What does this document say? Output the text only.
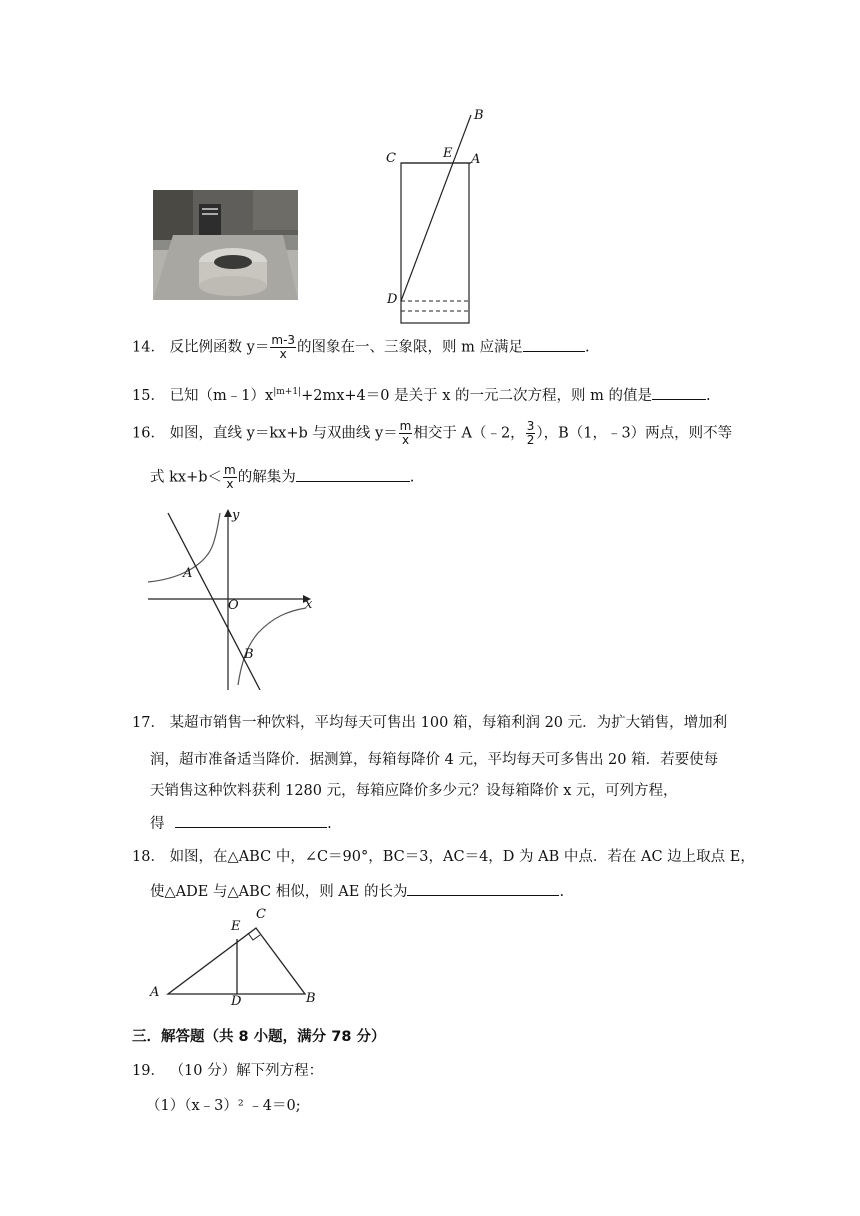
B
C	E A
D
14． 反比例函数 $y= \frac{m-3}{x}$ 的图象在一、三象限，则 m 应满足	.
15． 已知$(m﹣1)x^{|m+1|}+2mx+4=0$ 是关于 x 的一元二次方程，则 m 的值是	.
16． 如图，直线 y＝kx+b 与双曲线 $y= \frac{m}{x}$ 相交于 A（﹣2， $\frac{3}{2}$ ），B（1，﹣3）两点，则不等
式 $kx+b< \frac{m}{x}$ 的解集为	.
y
x
O
A
B
17． 某超市销售一种饮料，平均每天可售出 100 箱，每箱利润 20 元．为扩大销售，增加利
润，超市准备适当降价．据测算，每箱每降价 4 元，平均每天可多售出 20 箱．若要使每
天销售这种饮料获利 1280 元，每箱应降价多少元？设每箱降价 x 元，可列方程，
得	.
18． 如图，在△ABC 中，∠C＝90°，BC＝3，AC＝4，D 为 AB 中点．若在 AC 边上取点 E，
使△ADE 与△ABC 相似，则 AE 的长为	.
C
E
A
D	B
三．解答题（共 8 小题，满分 78 分）
19． （10 分）解下列方程：
（1）（x﹣3）² ﹣4＝0;
